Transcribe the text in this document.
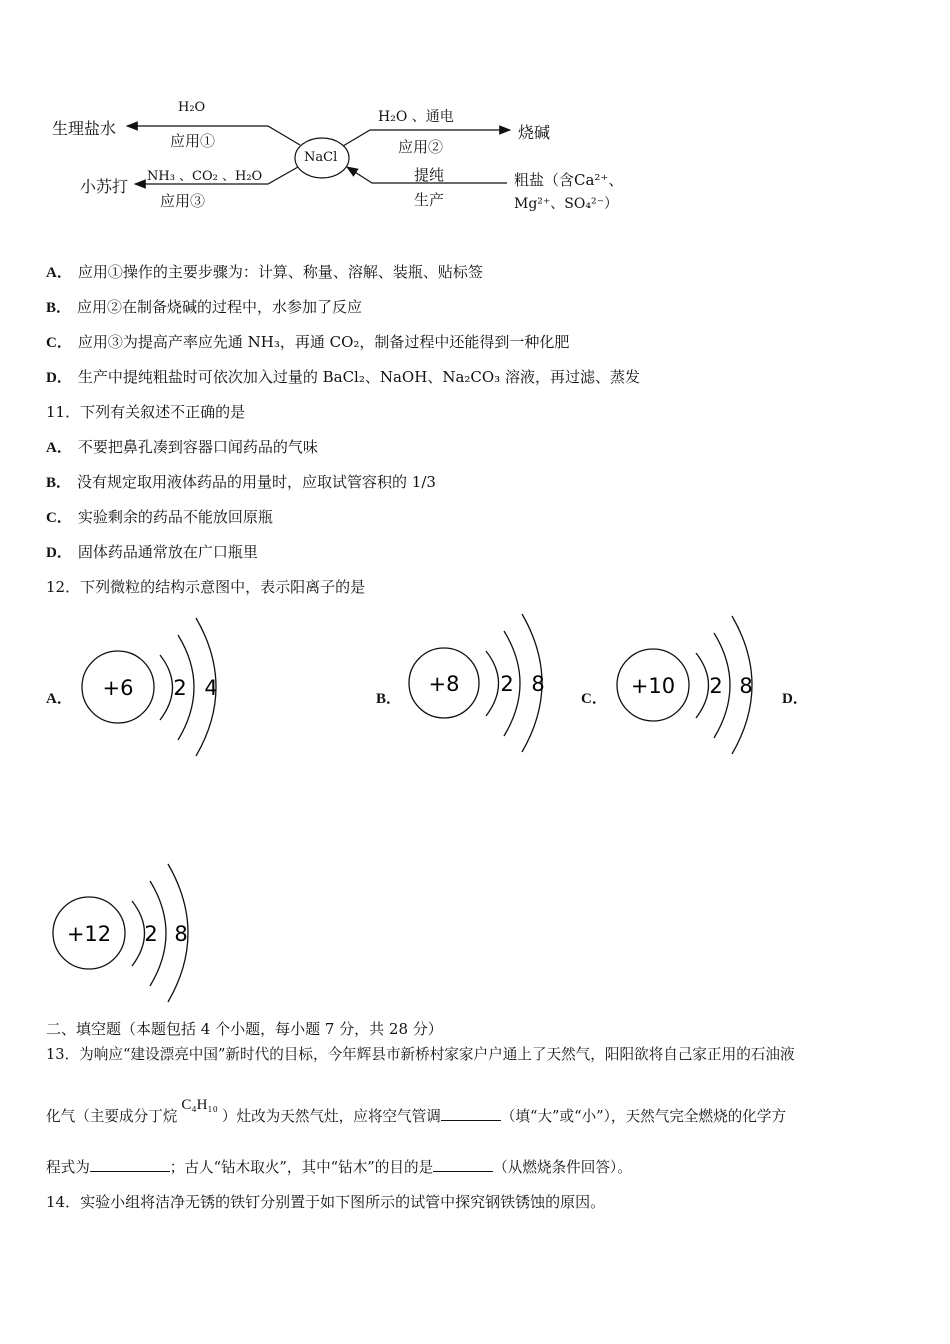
NaCl
生理盐水
H₂O
应用①
小苏打
NH₃ 、CO₂ 、H₂O
应用③
烧碱
H₂O 、通电
应用②
提纯
生产
粗盐（含Ca²⁺、
Mg²⁺、SO₄²⁻）
A． 应用①操作的主要步骤为：计算、称量、溶解、装瓶、贴标签
B． 应用②在制备烧碱的过程中，水参加了反应
C． 应用③为提高产率应先通 NH₃，再通 CO₂，制备过程中还能得到一种化肥
D． 生产中提纯粗盐时可依次加入过量的 BaCl₂、NaOH、Na₂CO₃ 溶液，再过滤、蒸发
11．下列有关叙述不正确的是
A． 不要把鼻孔凑到容器口闻药品的气味
B． 没有规定取用液体药品的用量时，应取试管容积的 1/3
C． 实验剩余的药品不能放回原瓶
D． 固体药品通常放在广口瓶里
12．下列微粒的结构示意图中，表示阳离子的是
A．	B．	C．	D．
+6 2 4	+8 2 8	+10 2 8
+12 2 8
二、填空题（本题包括 4 个小题，每小题 7 分，共 28 分）
13．为响应“建设漂亮中国”新时代的目标，今年辉县市新桥村家家户户通上了天然气，阳阳欲将自己家正用的石油液
化气（主要成分丁烷C₄H₁₀）灶改为天然气灶，应将空气管调	（填“大”或“小”），天然气完全燃烧的化学方
程式为	；古人“钻木取火”，其中“钻木”的目的是	（从燃烧条件回答）。
14．实验小组将洁净无锈的铁钉分别置于如下图所示的试管中探究钢铁锈蚀的原因。
